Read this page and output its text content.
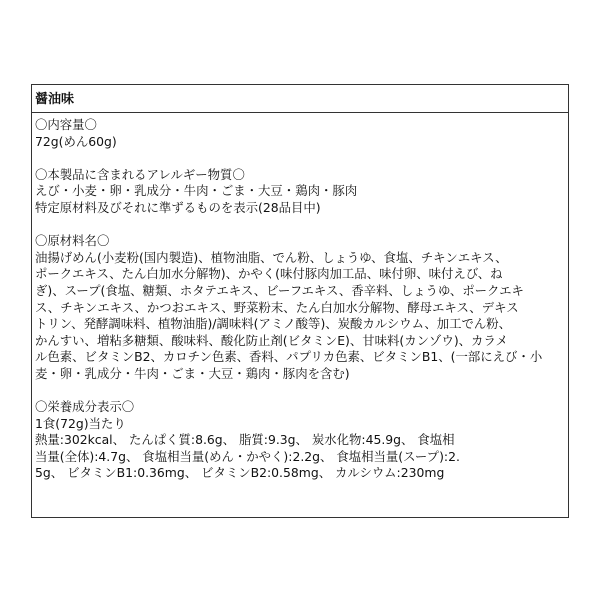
醤油味
〇内容量〇
72g(めん60g)
〇本製品に含まれるアレルギー物質〇
えび・小麦・卵・乳成分・牛肉・ごま・大豆・鶏肉・豚肉
特定原材料及びそれに準ずるものを表示(28品目中)
〇原材料名〇
油揚げめん(小麦粉(国内製造)、植物油脂、でん粉、しょうゆ、食塩、チキンエキス、
ポークエキス、たん白加水分解物)、かやく(味付豚肉加工品、味付卵、味付えび、ね
ぎ)、スープ(食塩、糖類、ホタテエキス、ビーフエキス、香辛料、しょうゆ、ポークエキ
ス、チキンエキス、かつおエキス、野菜粉末、たん白加水分解物、酵母エキス、デキス
トリン、発酵調味料、植物油脂)/調味料(アミノ酸等)、炭酸カルシウム、加工でん粉、
かんすい、増粘多糖類、酸味料、酸化防止剤(ビタミンE)、甘味料(カンゾウ)、カラメ
ル色素、ビタミンB2、カロチン色素、香料、パプリカ色素、ビタミンB1、(一部にえび・小
麦・卵・乳成分・牛肉・ごま・大豆・鶏肉・豚肉を含む)
〇栄養成分表示〇
1食(72g)当たり
熱量:302kcal、 たんぱく質:8.6g、 脂質:9.3g、 炭水化物:45.9g、 食塩相
当量(全体):4.7g、 食塩相当量(めん・かやく):2.2g、 食塩相当量(スープ):2.
5g、 ビタミンB1:0.36mg、 ビタミンB2:0.58mg、 カルシウム:230mg
